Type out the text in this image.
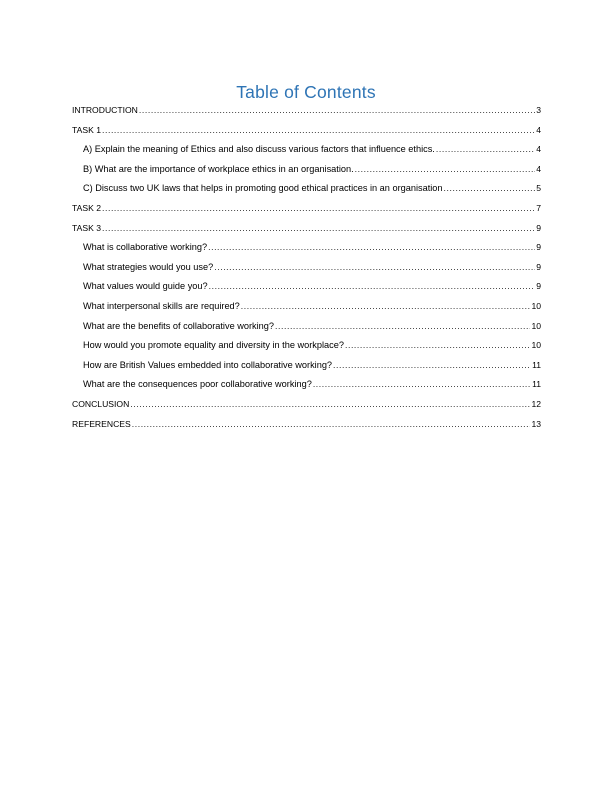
Table of Contents
INTRODUCTION .....	3
TASK 1 .....	4
A) Explain the meaning of Ethics and also discuss various factors that influence ethics. .....	4
B) What are the importance of workplace ethics in an organisation. .....	4
C) Discuss two UK laws that helps in promoting good ethical practices in an organisation .....	5
TASK 2 .....	7
TASK 3 .....	9
What is collaborative working? .....	9
What strategies would you use? .....	9
What values would guide you? .....	9
What interpersonal skills are required? .....	10
What are the benefits of collaborative working? .....	10
How would you promote equality and diversity in the workplace? .....	10
How are British Values embedded into collaborative working? .....	11
What are the consequences poor collaborative working? .....	11
CONCLUSION .....	12
REFERENCES .....	13
